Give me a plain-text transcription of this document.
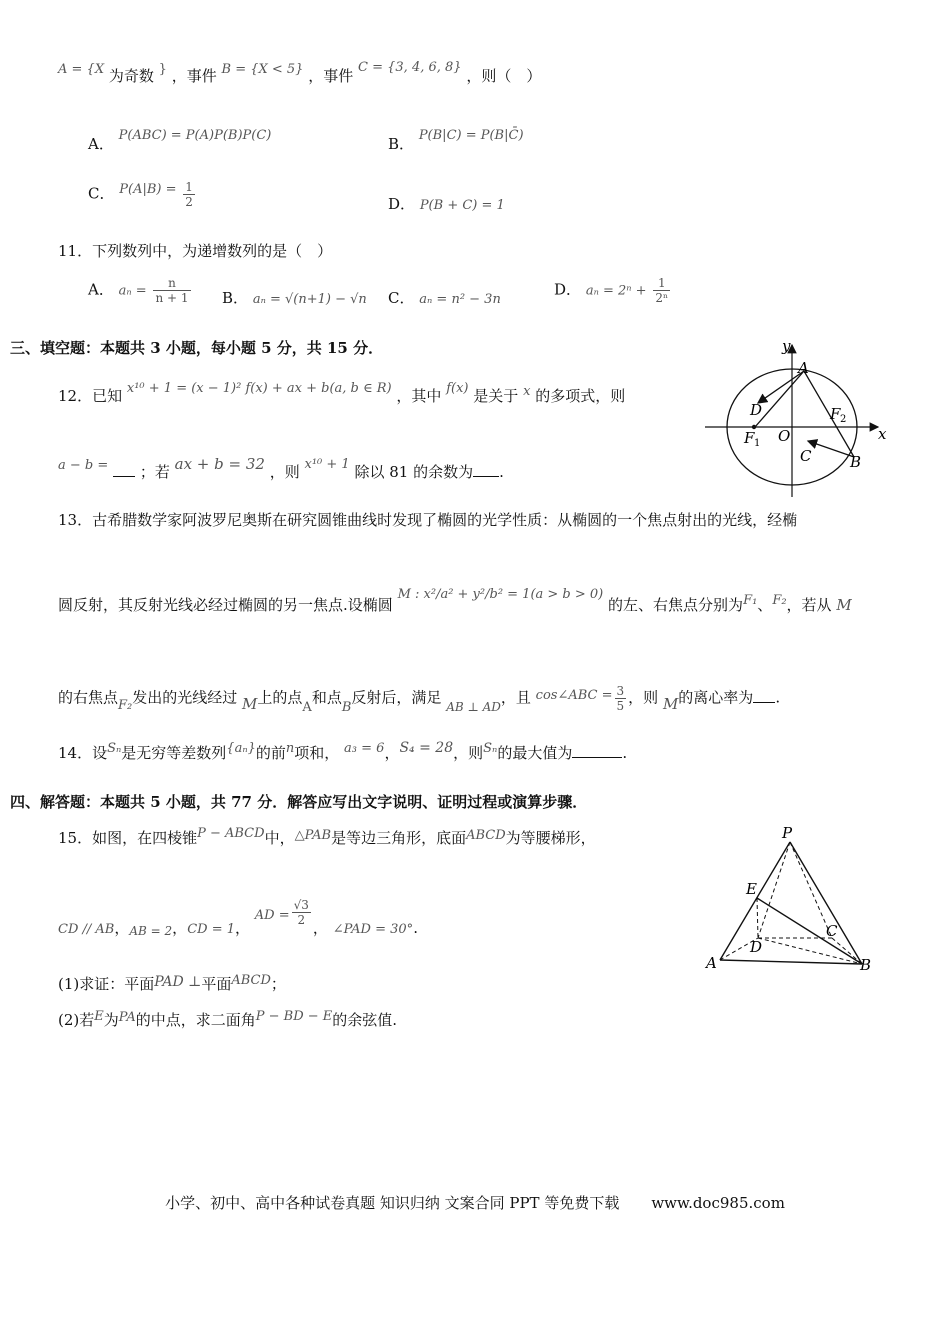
A = {X 为奇数 } ，事件 B = {X < 5} ，事件 C = {3, 4, 6, 8} ，则（　）
A． P(ABC) = P(A)P(B)P(C)	B． P(B|C) = P(B|C̄)
C． $P(A|B) = \frac{1}{2}$	D． P(B + C) = 1
11．下列数列中，为递增数列的是（　）
A． $a_n = \frac{n}{n + 1}$ B． aₙ = √(n+1) − √n C． aₙ = n² − 3n
D． $a_n = 2^n + \frac{1}{\text{2ⁿ}}$
三、填空题：本题共 3 小题，每小题 5 分，共 15 分．
12．已知 x¹⁰ + 1 = (x − 1)² f(x) + ax + b(a, b ∈ R) ，其中 f(x) 是关于 x 的多项式，则
a − b = ；若 ax + b = 32 ，则 x¹⁰ + 1 除以 81 的余数为 .
y
x
O
A
B
C
D
F 1
F 2
13．古希腊数学家阿波罗尼奥斯在研究圆锥曲线时发现了椭圆的光学性质：从椭圆的一个焦点射出的光线，经椭
圆反射，其反射光线必经过椭圆的另一焦点.设椭圆 M : x²/a² + y²/b² = 1(a > b > 0) 的左、右焦点分别为F₁、F₂，若从 M
的右焦点F₂发出的光线经过 M上的点A和点B反射后，满足 $_{AB \perp AD}$，且 cos∠ABC = $\frac{3}{5}$ ，则 M的离心率为 .
14．设Sₙ是无穷等差数列{aₙ}的前n项和， a₃ = 6，S₄ = 28，则Sₙ的最大值为	.
四、解答题：本题共 5 小题，共 77 分．解答应写出文字说明、证明过程或演算步骤．
15．如图，在四棱锥P − ABCD中，△PAB是等边三角形，底面ABCD为等腰梯形，
CD // AB，$_{AB = 2}$，CD = 1， AD = $\frac{√3}{2}$
， ∠PAD = 30°.
(1)求证：平面PAD ⊥平面ABCD；
(2)若E为PA的中点，求二面角P − BD − E的余弦值.
P
E
A	B
C
D
小学、初中、高中各种试卷真题 知识归纳 文案合同 PPT 等免费下载 www.doc985.com
